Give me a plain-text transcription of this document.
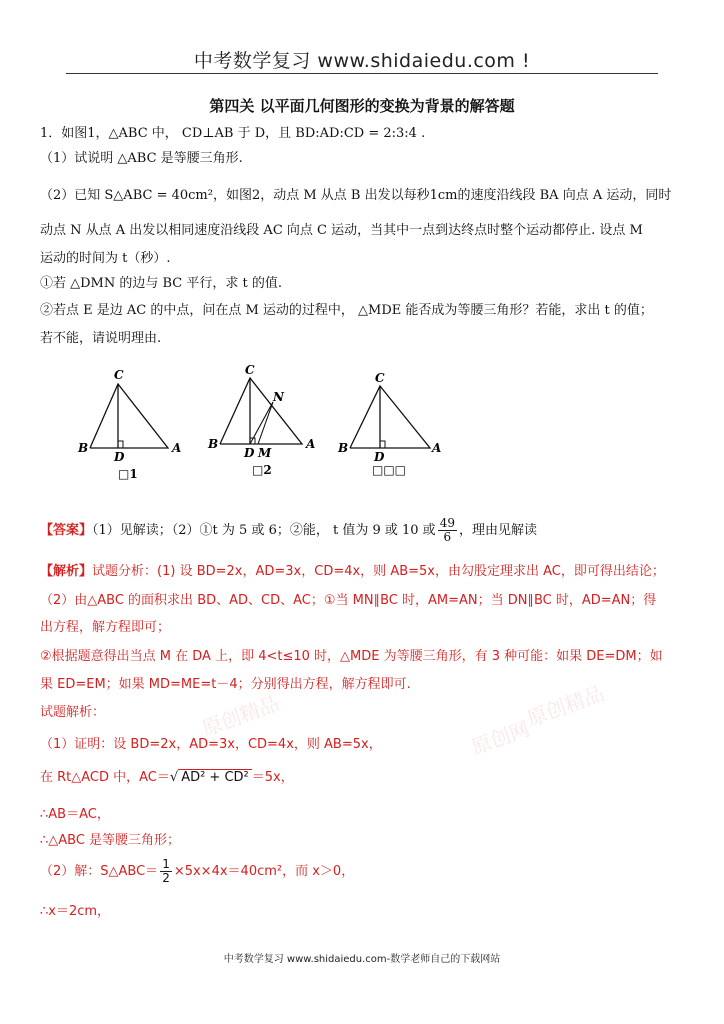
中考数学复习 www.shidaiedu.com !
第四关 以平面几何图形的变换为背景的解答题
1．如图1，△ABC 中， CD⊥AB 于 D，且 BD:AD:CD = 2:3:4 .
（1）试说明 △ABC 是等腰三角形.
（2）已知 S△ABC = 40cm²，如图2，动点 M 从点 B 出发以每秒1cm的速度沿线段 BA 向点 A 运动，同时
动点 N 从点 A 出发以相同速度沿线段 AC 向点 C 运动，当其中一点到达终点时整个运动都停止. 设点 M
运动的时间为 t（秒）.
①若 △DMN 的边与 BC 平行，求 t 的值.
②若点 E 是边 AC 的中点，问在点 M 运动的过程中， △MDE 能否成为等腰三角形？若能，求出 t 的值；
若不能，请说明理由.
C
B
D
A
□1
C
N
B
D M
A
□2
C
B
D
A
□□□
【答案】（1）见解读；（2）①t 为 5 或 6；②能， t 值为 9 或 10 或 $\frac{49}{6}$ ，理由见解读
【解析】试题分析：(1) 设 BD=2x，AD=3x，CD=4x，则 AB=5x，由勾股定理求出 AC，即可得出结论；
（2）由△ABC 的面积求出 BD、AD、CD、AC；①当 MN∥BC 时，AM=AN；当 DN∥BC 时，AD=AN；得
出方程，解方程即可；
②根据题意得出当点 M 在 DA 上，即 4<t≤10 时，△MDE 为等腰三角形，有 3 种可能：如果 DE=DM；如
果 ED=EM；如果 MD=ME=t－4；分别得出方程，解方程即可.
原创精品	原创网
原创精品
试题解析：
（1）证明：设 BD=2x，AD=3x，CD=4x，则 AB=5x，
在 Rt△ACD 中，AC＝√ AD² + CD² ＝5x，
∴AB＝AC，
∴△ABC 是等腰三角形；
（2）解：S△ABC＝ $\frac{1}{2} \times 5x\times 4x=40cm^2$，而 x＞0，
∴x＝2cm，
中考数学复习 www.shidaiedu.com-数学老师自己的下载网站
